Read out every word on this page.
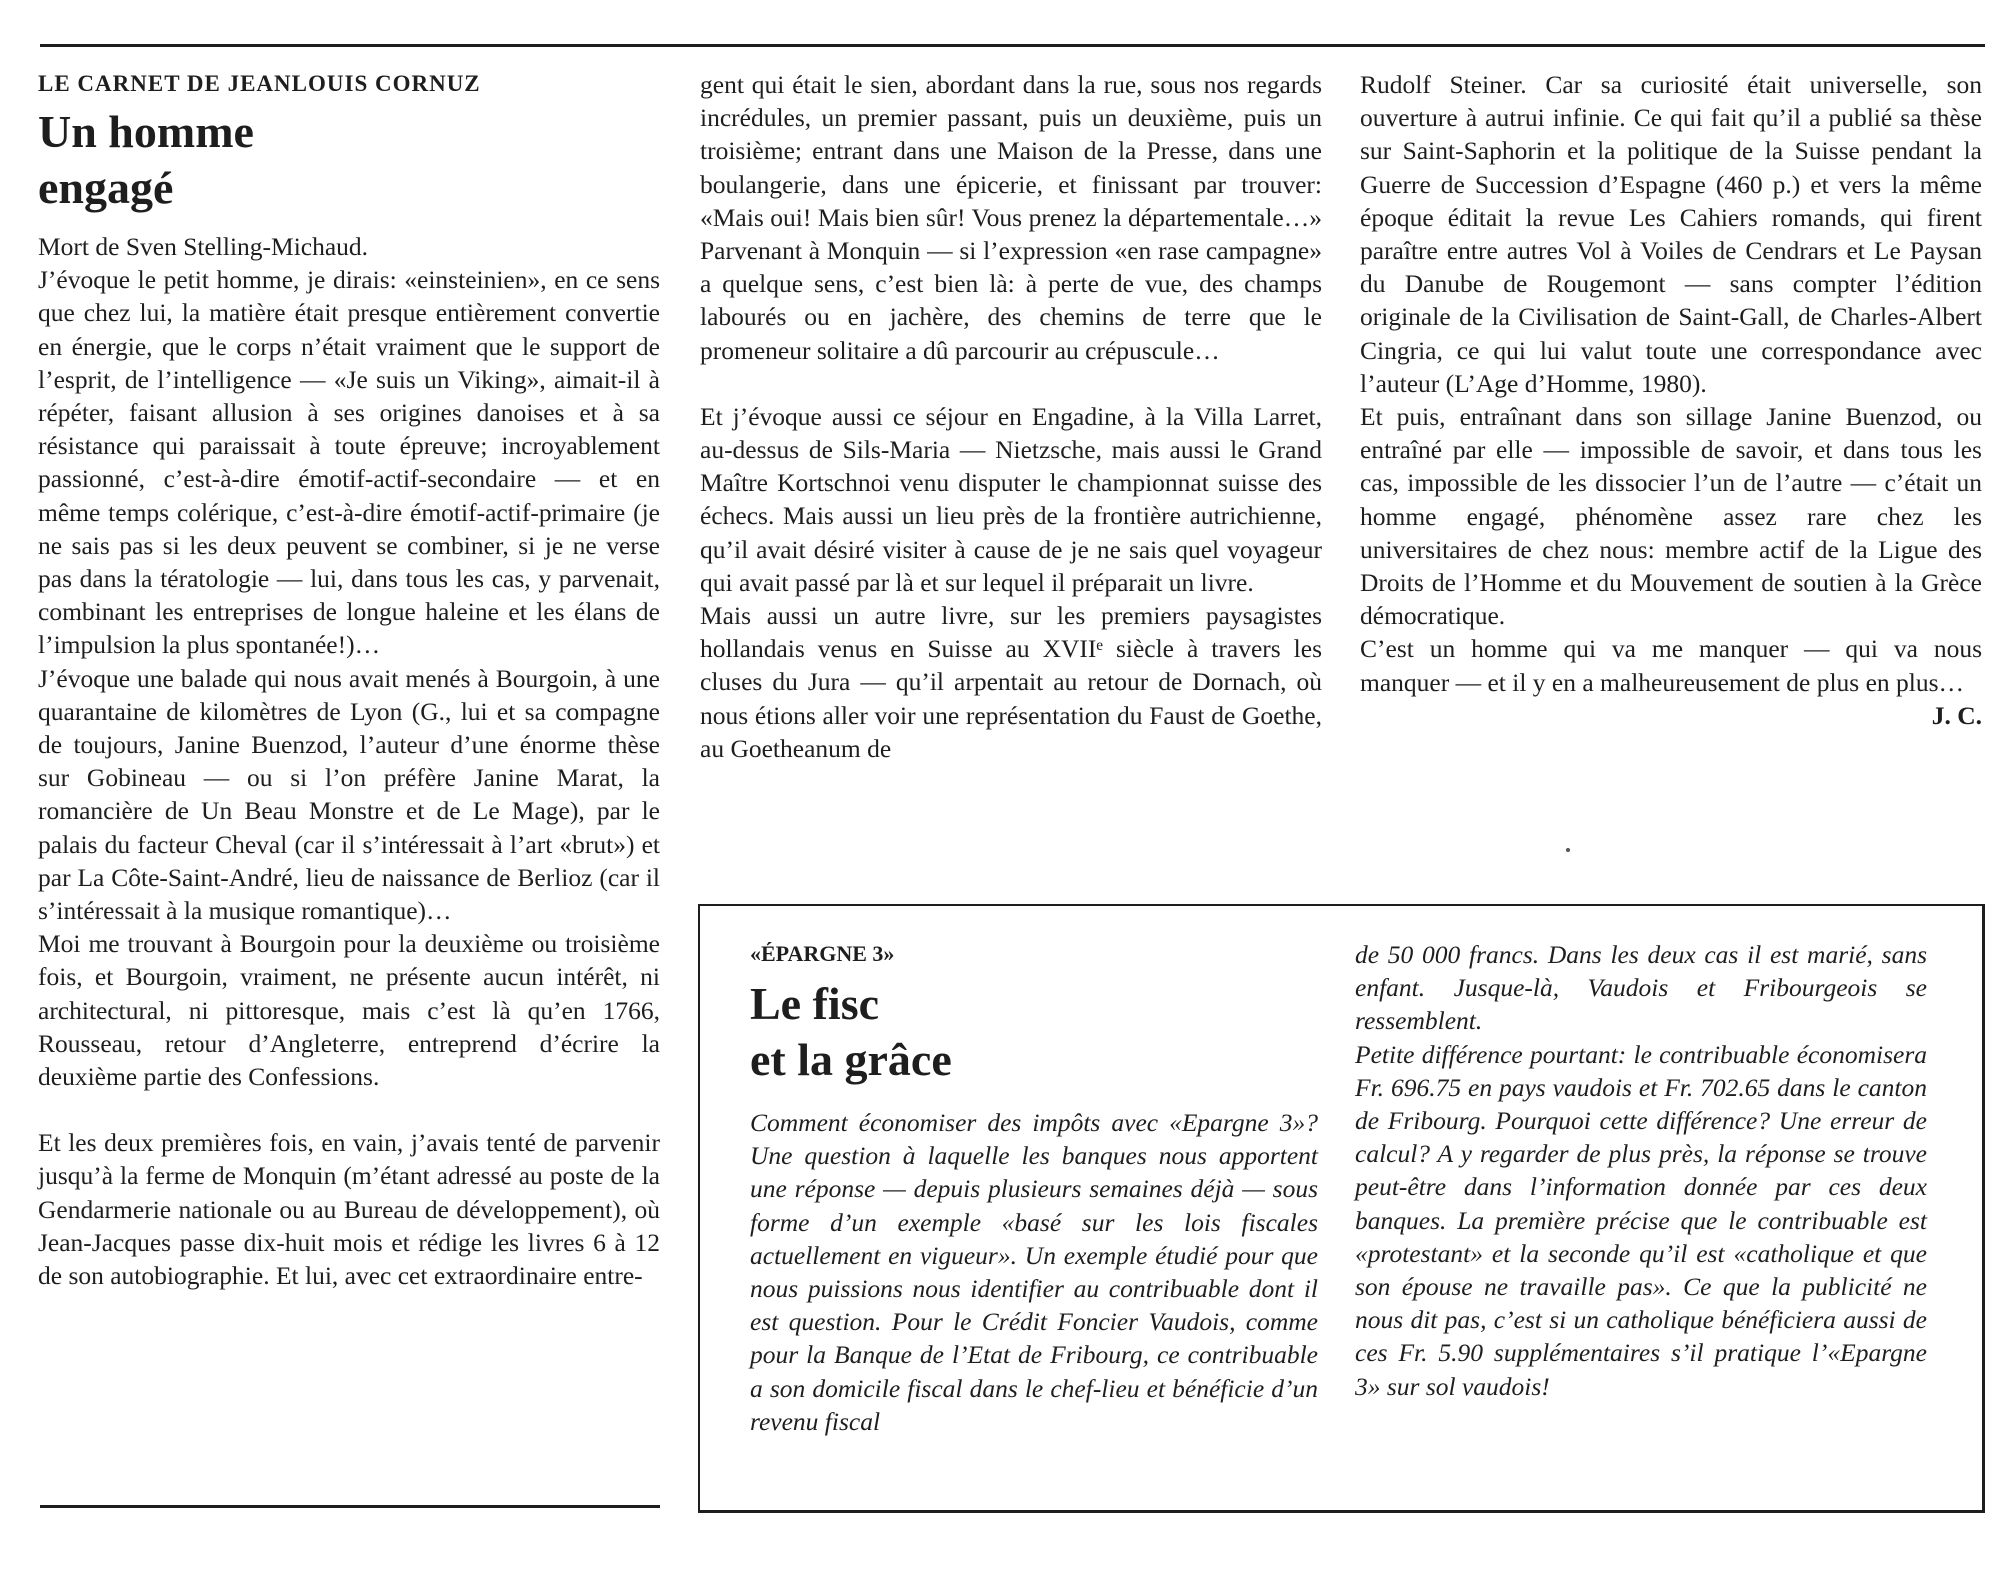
LE CARNET DE JEANLOUIS CORNUZ

Un homme
engagé

Mort de Sven Stelling-Michaud.

J’évoque le petit homme, je dirais: «einsteinien», en ce sens que chez lui, la matière était presque entièrement convertie en énergie, que le corps n’était vraiment que le support de l’esprit, de l’intelligence — «Je suis un Viking», aimait-il à répéter, faisant allusion à ses origines danoises et à sa résistance qui paraissait à toute épreuve; incroyablement passionné, c’est-à-dire émotif-actif-secondaire — et en même temps colérique, c’est-à-dire émotif-actif-primaire (je ne sais pas si les deux peuvent se combiner, si je ne verse pas dans la tératologie — lui, dans tous les cas, y parvenait, combinant les entreprises de longue haleine et les élans de l’impulsion la plus spontanée!)…

J’évoque une balade qui nous avait menés à Bourgoin, à une quarantaine de kilomètres de Lyon (G., lui et sa compagne de toujours, Janine Buenzod, l’auteur d’une énorme thèse sur Gobineau — ou si l’on préfère Janine Marat, la romancière de Un Beau Monstre et de Le Mage), par le palais du facteur Cheval (car il s’intéressait à l’art «brut») et par La Côte-Saint-André, lieu de naissance de Berlioz (car il s’intéressait à la musique romantique)…

Moi me trouvant à Bourgoin pour la deuxième ou troisième fois, et Bourgoin, vraiment, ne présente aucun intérêt, ni architectural, ni pittoresque, mais c’est là qu’en 1766, Rousseau, retour d’Angleterre, entreprend d’écrire la deuxième partie des Confessions.

Et les deux premières fois, en vain, j’avais tenté de parvenir jusqu’à la ferme de Monquin (m’étant adressé au poste de la Gendarmerie nationale ou au Bureau de développement), où Jean-Jacques passe dix-huit mois et rédige les livres 6 à 12 de son autobiographie. Et lui, avec cet extraordinaire entre-

gent qui était le sien, abordant dans la rue, sous nos regards incrédules, un premier passant, puis un deuxième, puis un troisième; entrant dans une Maison de la Presse, dans une boulangerie, dans une épicerie, et finissant par trouver: «Mais oui! Mais bien sûr! Vous prenez la départementale…» Parvenant à Monquin — si l’expression «en rase campagne» a quelque sens, c’est bien là: à perte de vue, des champs labourés ou en jachère, des chemins de terre que le promeneur solitaire a dû parcourir au crépuscule…

Et j’évoque aussi ce séjour en Engadine, à la Villa Larret, au-dessus de Sils-Maria — Nietzsche, mais aussi le Grand Maître Kortschnoi venu disputer le championnat suisse des échecs. Mais aussi un lieu près de la frontière autrichienne, qu’il avait désiré visiter à cause de je ne sais quel voyageur qui avait passé par là et sur lequel il préparait un livre.

Mais aussi un autre livre, sur les premiers paysagistes hollandais venus en Suisse au XVIIᵉ siècle à travers les cluses du Jura — qu’il arpentait au retour de Dornach, où nous étions aller voir une représentation du Faust de Goethe, au Goetheanum de

Rudolf Steiner. Car sa curiosité était universelle, son ouverture à autrui infinie. Ce qui fait qu’il a publié sa thèse sur Saint-Saphorin et la politique de la Suisse pendant la Guerre de Succession d’Espagne (460 p.) et vers la même époque éditait la revue Les Cahiers romands, qui firent paraître entre autres Vol à Voiles de Cendrars et Le Paysan du Danube de Rougemont — sans compter l’édition originale de la Civilisation de Saint-Gall, de Charles-Albert Cingria, ce qui lui valut toute une correspondance avec l’auteur (L’Age d’Homme, 1980).

Et puis, entraînant dans son sillage Janine Buenzod, ou entraîné par elle — impossible de savoir, et dans tous les cas, impossible de les dissocier l’un de l’autre — c’était un homme engagé, phénomène assez rare chez les universitaires de chez nous: membre actif de la Ligue des Droits de l’Homme et du Mouvement de soutien à la Grèce démocratique.

C’est un homme qui va me manquer — qui va nous manquer — et il y en a malheureusement de plus en plus…

J. C.

«ÉPARGNE 3»

Le fisc
et la grâce

Comment économiser des impôts avec «Epargne 3»? Une question à laquelle les banques nous apportent une réponse — depuis plusieurs semaines déjà — sous forme d’un exemple «basé sur les lois fiscales actuellement en vigueur». Un exemple étudié pour que nous puissions nous identifier au contribuable dont il est question. Pour le Crédit Foncier Vaudois, comme pour la Banque de l’Etat de Fribourg, ce contribuable a son domicile fiscal dans le chef-lieu et bénéficie d’un revenu fiscal

de 50 000 francs. Dans les deux cas il est marié, sans enfant. Jusque-là, Vaudois et Fribourgeois se ressemblent.

Petite différence pourtant: le contribuable économisera Fr. 696.75 en pays vaudois et Fr. 702.65 dans le canton de Fribourg. Pourquoi cette différence? Une erreur de calcul? A y regarder de plus près, la réponse se trouve peut-être dans l’information donnée par ces deux banques. La première précise que le contribuable est «protestant» et la seconde qu’il est «catholique et que son épouse ne travaille pas». Ce que la publicité ne nous dit pas, c’est si un catholique bénéficiera aussi de ces Fr. 5.90 supplémentaires s’il pratique l’«Epargne 3» sur sol vaudois!
